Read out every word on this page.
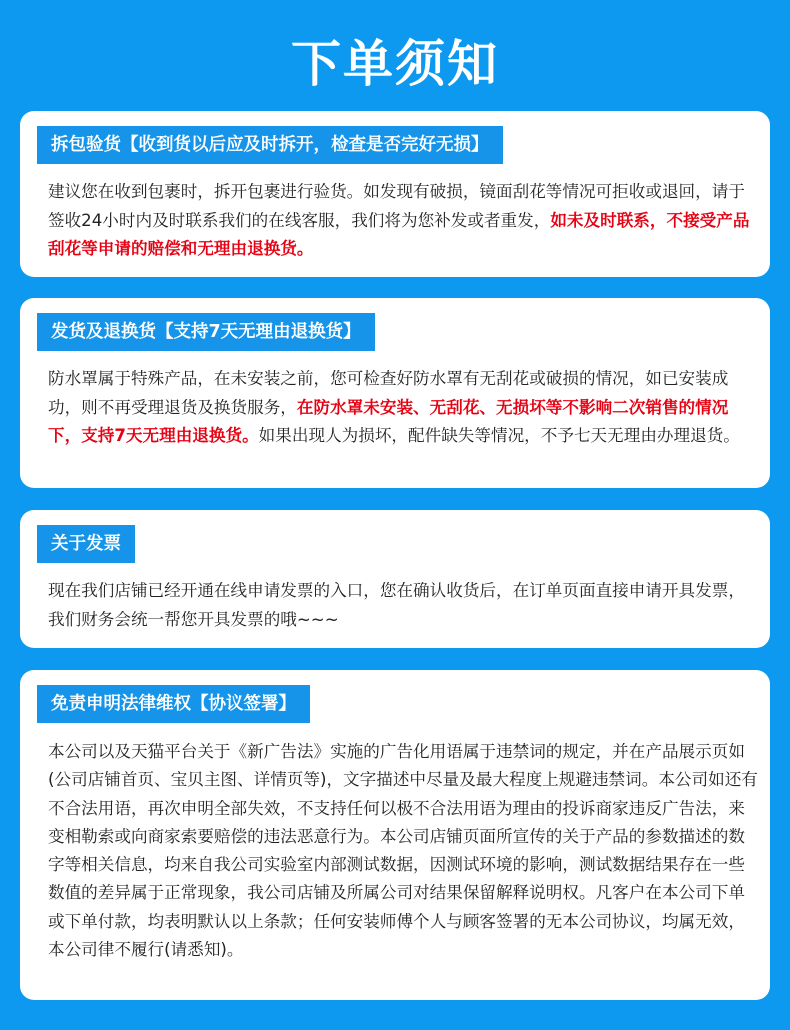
下单须知
拆包验货【收到货以后应及时拆开，检查是否完好无损】

建议您在收到包裹时，拆开包裹进行验货。如发现有破损，镜面刮花等情况可拒收或退回，请于签收24小时内及时联系我们的在线客服，我们将为您补发或者重发，如未及时联系，不接受产品刮花等申请的赔偿和无理由退换货。

发货及退换货【支持7天无理由退换货】

防水罩属于特殊产品，在未安装之前，您可检查好防水罩有无刮花或破损的情况，如已安装成功，则不再受理退货及换货服务，在防水罩未安装、无刮花、无损坏等不影响二次销售的情况下，支持7天无理由退换货。如果出现人为损坏，配件缺失等情况，不予七天无理由办理退货。

关于发票

现在我们店铺已经开通在线申请发票的入口，您在确认收货后，在订单页面直接申请开具发票，我们财务会统一帮您开具发票的哦~~~

免责申明法律维权【协议签署】

本公司以及天猫平台关于《新广告法》实施的广告化用语属于违禁词的规定，并在产品展示页如(公司店铺首页、宝贝主图、详情页等)，文字描述中尽量及最大程度上规避违禁词。本公司如还有不合法用语，再次申明全部失效，不支持任何以极不合法用语为理由的投诉商家违反广告法，来变相勒索或向商家索要赔偿的违法恶意行为。本公司店铺页面所宣传的关于产品的参数描述的数字等相关信息，均来自我公司实验室内部测试数据，因测试环境的影响，测试数据结果存在一些数值的差异属于正常现象，我公司店铺及所属公司对结果保留解释说明权。凡客户在本公司下单或下单付款，均表明默认以上条款；任何安装师傅个人与顾客签署的无本公司协议，均属无效，本公司律不履行(请悉知)。
